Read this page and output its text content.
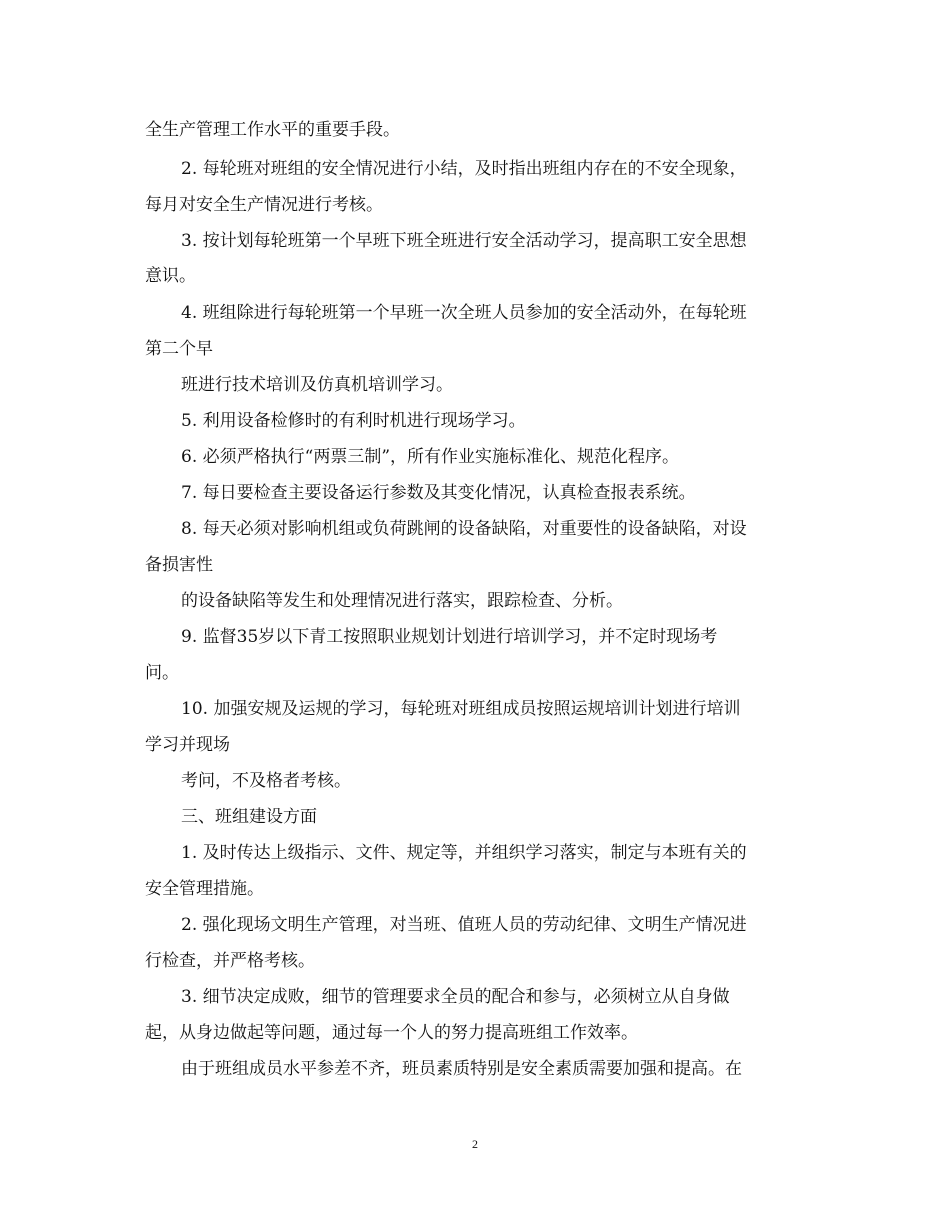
全生产管理工作水平的重要手段。
2. 每轮班对班组的安全情况进行小结，及时指出班组内存在的不安全现象，
每月对安全生产情况进行考核。
3. 按计划每轮班第一个早班下班全班进行安全活动学习，提高职工安全思想
意识。
4. 班组除进行每轮班第一个早班一次全班人员参加的安全活动外，在每轮班
第二个早
班进行技术培训及仿真机培训学习。
5. 利用设备检修时的有利时机进行现场学习。
6. 必须严格执行“两票三制”，所有作业实施标准化、规范化程序。
7. 每日要检查主要设备运行参数及其变化情况，认真检查报表系统。
8. 每天必须对影响机组或负荷跳闸的设备缺陷，对重要性的设备缺陷，对设
备损害性
的设备缺陷等发生和处理情况进行落实，跟踪检查、分析。
9. 监督35岁以下青工按照职业规划计划进行培训学习，并不定时现场考
问。
10. 加强安规及运规的学习，每轮班对班组成员按照运规培训计划进行培训
学习并现场
考问，不及格者考核。
三、班组建设方面
1. 及时传达上级指示、文件、规定等，并组织学习落实，制定与本班有关的
安全管理措施。
2. 强化现场文明生产管理，对当班、值班人员的劳动纪律、文明生产情况进
行检查，并严格考核。
3. 细节决定成败，细节的管理要求全员的配合和参与，必须树立从自身做
起，从身边做起等问题，通过每一个人的努力提高班组工作效率。
由于班组成员水平参差不齐，班员素质特别是安全素质需要加强和提高。在
2
